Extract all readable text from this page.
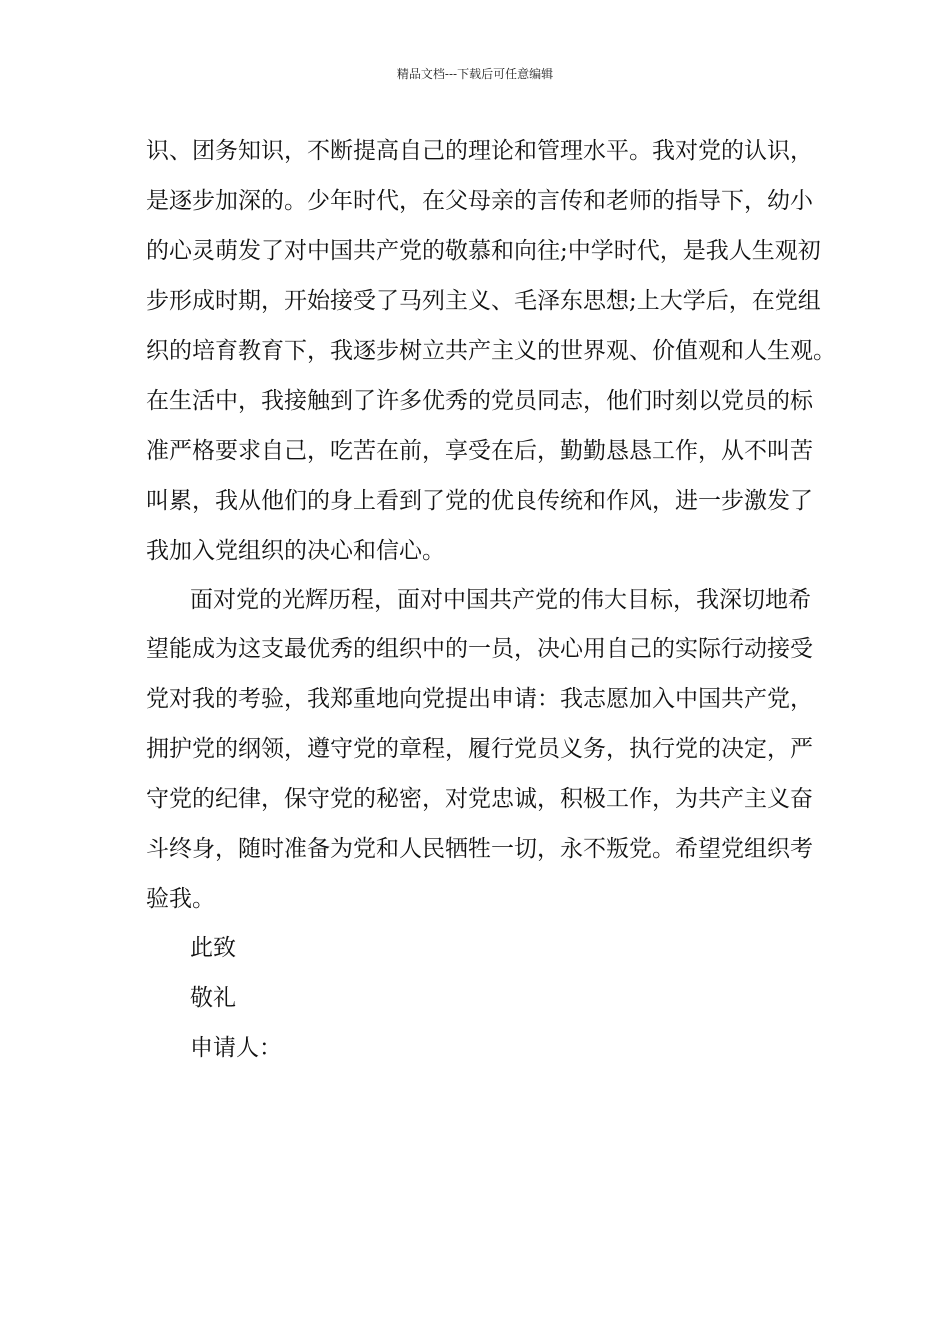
精品文档---下载后可任意编辑
识、团务知识，不断提高自己的理论和管理水平。我对党的认识，
是逐步加深的。少年时代，在父母亲的言传和老师的指导下，幼小
的心灵萌发了对中国共产党的敬慕和向往;中学时代，是我人生观初
步形成时期，开始接受了马列主义、毛泽东思想;上大学后，在党组
织的培育教育下，我逐步树立共产主义的世界观、价值观和人生观。
在生活中，我接触到了许多优秀的党员同志，他们时刻以党员的标
准严格要求自己，吃苦在前，享受在后，勤勤恳恳工作，从不叫苦
叫累，我从他们的身上看到了党的优良传统和作风，进一步激发了
我加入党组织的决心和信心。
面对党的光辉历程，面对中国共产党的伟大目标，我深切地希
望能成为这支最优秀的组织中的一员，决心用自己的实际行动接受
党对我的考验，我郑重地向党提出申请：我志愿加入中国共产党，
拥护党的纲领，遵守党的章程，履行党员义务，执行党的决定，严
守党的纪律，保守党的秘密，对党忠诚，积极工作，为共产主义奋
斗终身，随时准备为党和人民牺牲一切，永不叛党。希望党组织考
验我。
此致
敬礼
申请人：
